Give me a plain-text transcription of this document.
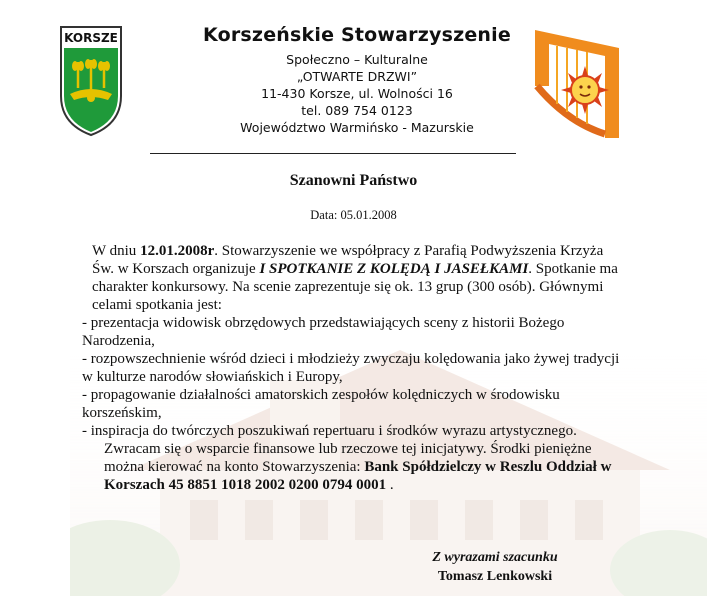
KORSZE	Korszeńskie Stowarzyszenie
Społeczno – Kulturalne
„OTWARTE DRZWI”
11-430 Korsze, ul. Wolności 16
tel. 089 754 0123
Województwo Warmińsko - Mazurskie
Szanowni Państwo
Data: 05.01.2008

W dniu 12.01.2008r. Stowarzyszenie we współpracy z Parafią Podwyższenia Krzyża Św. w Korszach organizuje I SPOTKANIE Z KOLĘDĄ I JASEŁKAMI. Spotkanie ma charakter konkursowy. Na scenie zaprezentuje się ok. 13 grup (300 osób). Głównymi celami spotkania jest:

- prezentacja widowisk obrzędowych przedstawiających sceny z historii Bożego Narodzenia,

- rozpowszechnienie wśród dzieci i młodzieży zwyczaju kolędowania jako żywej tradycji w kulturze narodów słowiańskich i Europy,

- propagowanie działalności amatorskich zespołów kolędniczych w środowisku korszeńskim,

- inspiracja do twórczych poszukiwań repertuaru i środków wyrazu artystycznego.

Zwracam się o wsparcie finansowe lub rzeczowe tej inicjatywy. Środki pieniężne można kierować na konto Stowarzyszenia: Bank Spółdzielczy w Reszlu Oddział w Korszach 45 8851 1018 2002 0200 0794 0001 .

Z wyrazami szacunku
Tomasz Lenkowski
